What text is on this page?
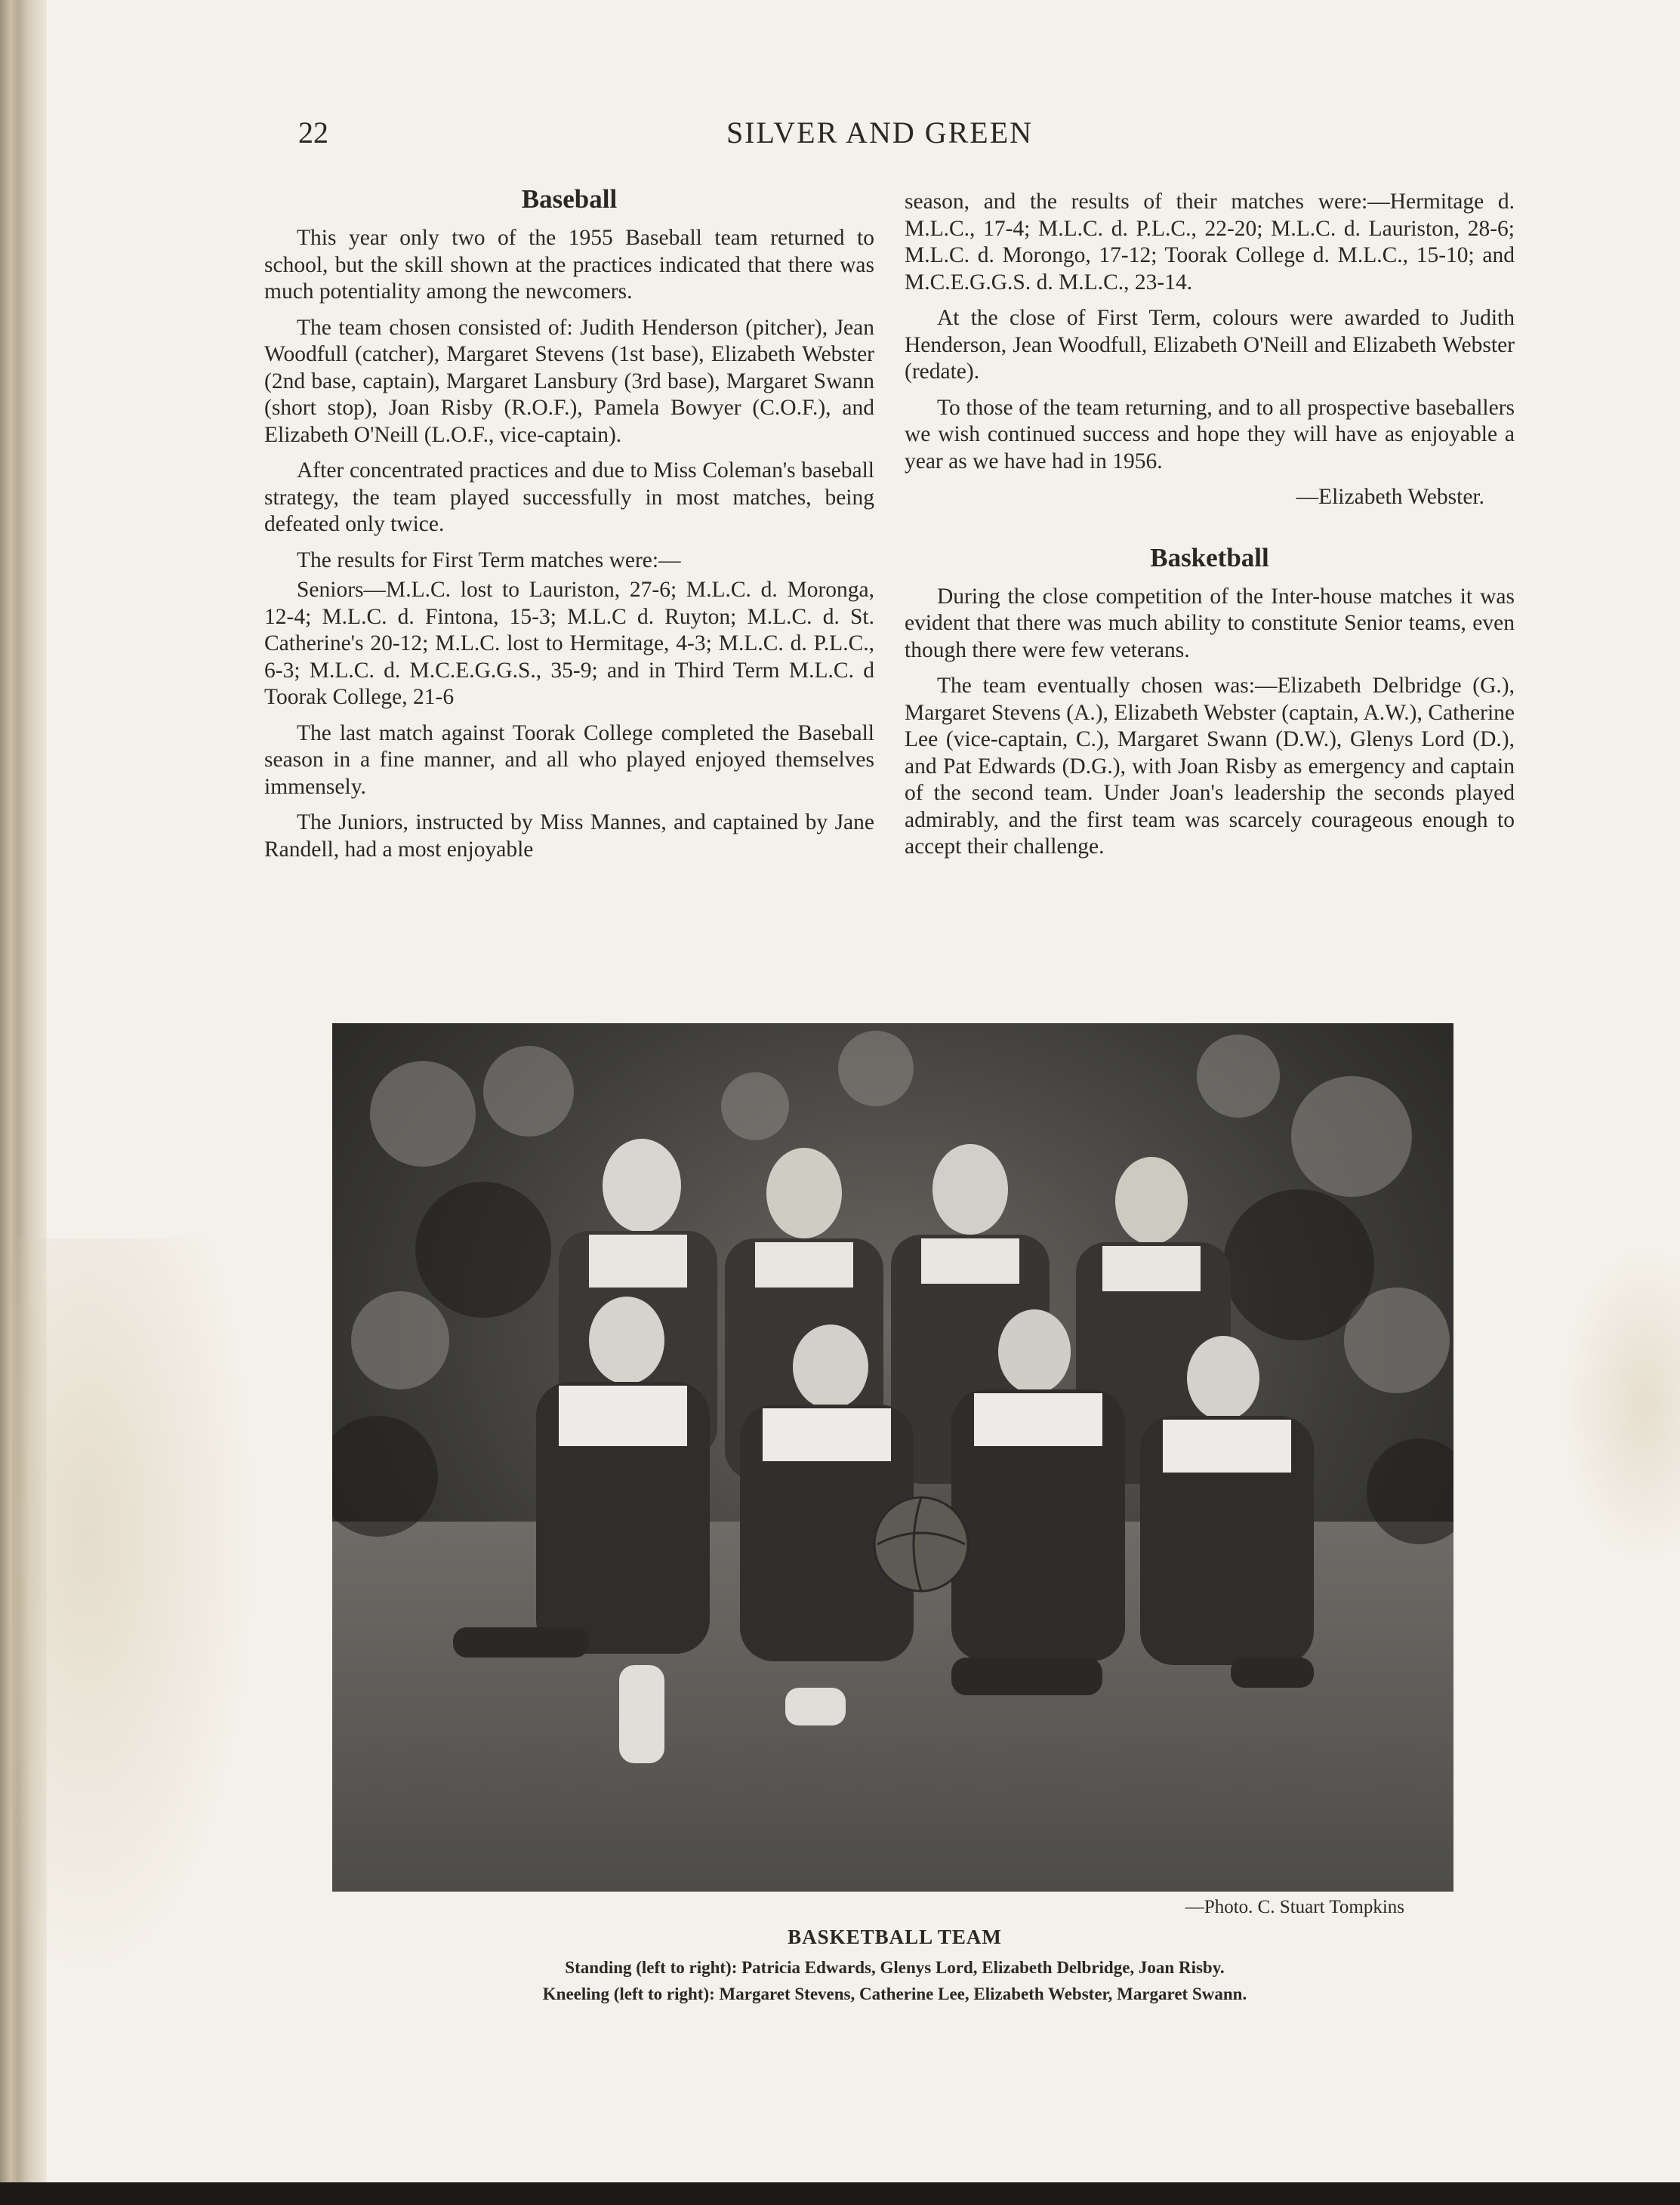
22	SILVER AND GREEN
Baseball

This year only two of the 1955 Baseball team returned to school, but the skill shown at the practices indicated that there was much potentiality among the newcomers.

The team chosen consisted of: Judith Henderson (pitcher), Jean Woodfull (catcher), Margaret Stevens (1st base), Elizabeth Webster (2nd base, captain), Margaret Lansbury (3rd base), Margaret Swann (short stop), Joan Risby (R.O.F.), Pamela Bowyer (C.O.F.), and Elizabeth O'Neill (L.O.F., vice-captain).

After concentrated practices and due to Miss Coleman's baseball strategy, the team played successfully in most matches, being defeated only twice.

The results for First Term matches were:—

Seniors—M.L.C. lost to Lauriston, 27-6; M.L.C. d. Moronga, 12-4; M.L.C. d. Fintona, 15-3; M.L.C d. Ruyton; M.L.C. d. St. Catherine's 20-12; M.L.C. lost to Hermitage, 4-3; M.L.C. d. P.L.C., 6-3; M.L.C. d. M.C.E.G.G.S., 35-9; and in Third Term M.L.C. d Toorak College, 21-6

The last match against Toorak College completed the Baseball season in a fine manner, and all who played enjoyed themselves immensely.

The Juniors, instructed by Miss Mannes, and captained by Jane Randell, had a most enjoyable

season, and the results of their matches were:—Hermitage d. M.L.C., 17-4; M.L.C. d. P.L.C., 22-20; M.L.C. d. Lauriston, 28-6; M.L.C. d. Morongo, 17-12; Toorak College d. M.L.C., 15-10; and M.C.E.G.G.S. d. M.L.C., 23-14.

At the close of First Term, colours were awarded to Judith Henderson, Jean Woodfull, Elizabeth O'Neill and Elizabeth Webster (redate).

To those of the team returning, and to all prospective baseballers we wish continued success and hope they will have as enjoyable a year as we have had in 1956.

—Elizabeth Webster.

Basketball

During the close competition of the Inter-house matches it was evident that there was much ability to constitute Senior teams, even though there were few veterans.

The team eventually chosen was:—Elizabeth Delbridge (G.), Margaret Stevens (A.), Elizabeth Webster (captain, A.W.), Catherine Lee (vice-captain, C.), Margaret Swann (D.W.), Glenys Lord (D.), and Pat Edwards (D.G.), with Joan Risby as emergency and captain of the second team. Under Joan's leadership the seconds played admirably, and the first team was scarcely courageous enough to accept their challenge.

—Photo. C. Stuart Tompkins
BASKETBALL TEAM
Standing (left to right): Patricia Edwards, Glenys Lord, Elizabeth Delbridge, Joan Risby.
Kneeling (left to right): Margaret Stevens, Catherine Lee, Elizabeth Webster, Margaret Swann.
